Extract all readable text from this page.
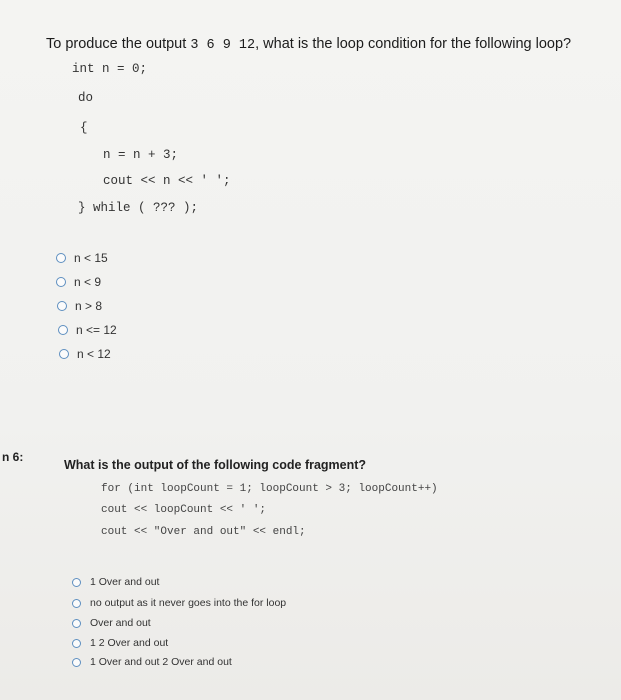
To produce the output 3 6 9 12, what is the loop condition for the following loop?
int n = 0;
do
{
n = n + 3;
cout << n << ' ';
} while ( ??? );
n < 15
n < 9
n > 8
n <= 12
n < 12
n 6:
What is the output of the following code fragment?
for (int loopCount = 1; loopCount > 3; loopCount++)
cout << loopCount << ' ';
cout << "Over and out" << endl;
1 Over and out
no output as it never goes into the for loop
Over and out
1 2 Over and out
1 Over and out 2 Over and out
